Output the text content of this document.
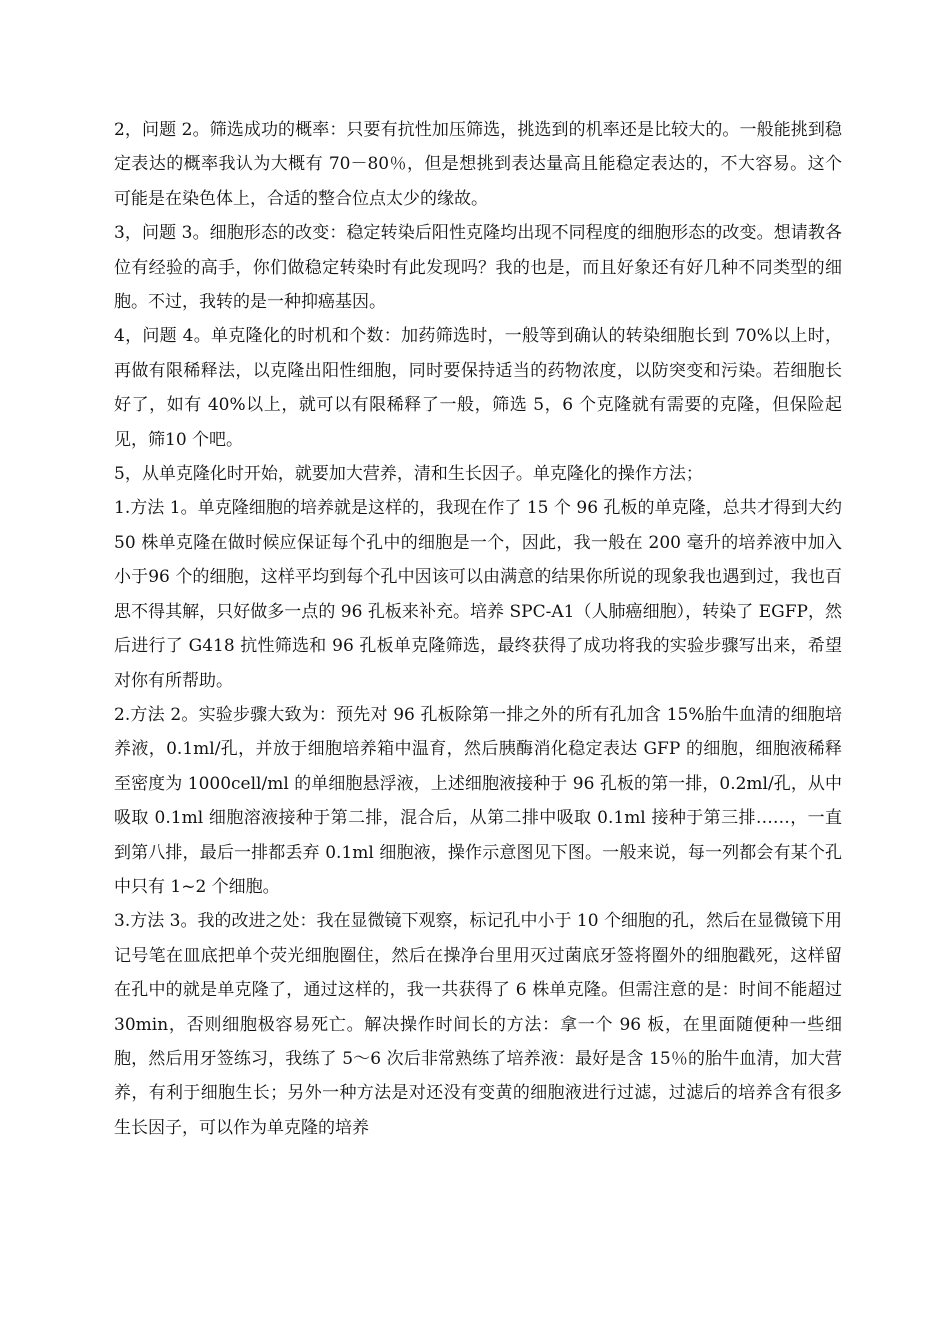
2，问题 2。筛选成功的概率：只要有抗性加压筛选，挑选到的机率还是比较大的。一般能挑到稳定表达的概率我认为大概有 70－80％，但是想挑到表达量高且能稳定表达的，不大容易。这个可能是在染色体上，合适的整合位点太少的缘故。

3，问题 3。细胞形态的改变：稳定转染后阳性克隆均出现不同程度的细胞形态的改变。想请教各位有经验的高手，你们做稳定转染时有此发现吗？我的也是，而且好象还有好几种不同类型的细胞。不过，我转的是一种抑癌基因。

4，问题 4。单克隆化的时机和个数：加药筛选时，一般等到确认的转染细胞长到 70%以上时，再做有限稀释法，以克隆出阳性细胞，同时要保持适当的药物浓度，以防突变和污染。若细胞长好了，如有 40%以上，就可以有限稀释了一般，筛选 5，6 个克隆就有需要的克隆，但保险起见，筛10 个吧。

5，从单克隆化时开始，就要加大营养，清和生长因子。单克隆化的操作方法；

1.方法 1。单克隆细胞的培养就是这样的，我现在作了 15 个 96 孔板的单克隆，总共才得到大约 50 株单克隆在做时候应保证每个孔中的细胞是一个，因此，我一般在 200 毫升的培养液中加入小于96 个的细胞，这样平均到每个孔中因该可以由满意的结果你所说的现象我也遇到过，我也百思不得其解，只好做多一点的 96 孔板来补充。培养 SPC-A1（人肺癌细胞），转染了 EGFP，然后进行了 G418 抗性筛选和 96 孔板单克隆筛选，最终获得了成功将我的实验步骤写出来，希望对你有所帮助。

2.方法 2。实验步骤大致为：预先对 96 孔板除第一排之外的所有孔加含 15%胎牛血清的细胞培养液，0.1ml/孔，并放于细胞培养箱中温育，然后胰酶消化稳定表达 GFP 的细胞，细胞液稀释至密度为 1000cell/ml 的单细胞悬浮液，上述细胞液接种于 96 孔板的第一排，0.2ml/孔，从中吸取 0.1ml 细胞溶液接种于第二排，混合后，从第二排中吸取 0.1ml 接种于第三排……，一直到第八排，最后一排都丢弃 0.1ml 细胞液，操作示意图见下图。一般来说，每一列都会有某个孔中只有 1~2 个细胞。

3.方法 3。我的改进之处：我在显微镜下观察，标记孔中小于 10 个细胞的孔，然后在显微镜下用记号笔在皿底把单个荧光细胞圈住，然后在操净台里用灭过菌底牙签将圈外的细胞戳死，这样留在孔中的就是单克隆了，通过这样的，我一共获得了 6 株单克隆。但需注意的是：时间不能超过 30min，否则细胞极容易死亡。解决操作时间长的方法：拿一个 96 板，在里面随便种一些细胞，然后用牙签练习，我练了 5～6 次后非常熟练了培养液：最好是含 15％的胎牛血清，加大营养，有利于细胞生长；另外一种方法是对还没有变黄的细胞液进行过滤，过滤后的培养含有很多生长因子，可以作为单克隆的培养
